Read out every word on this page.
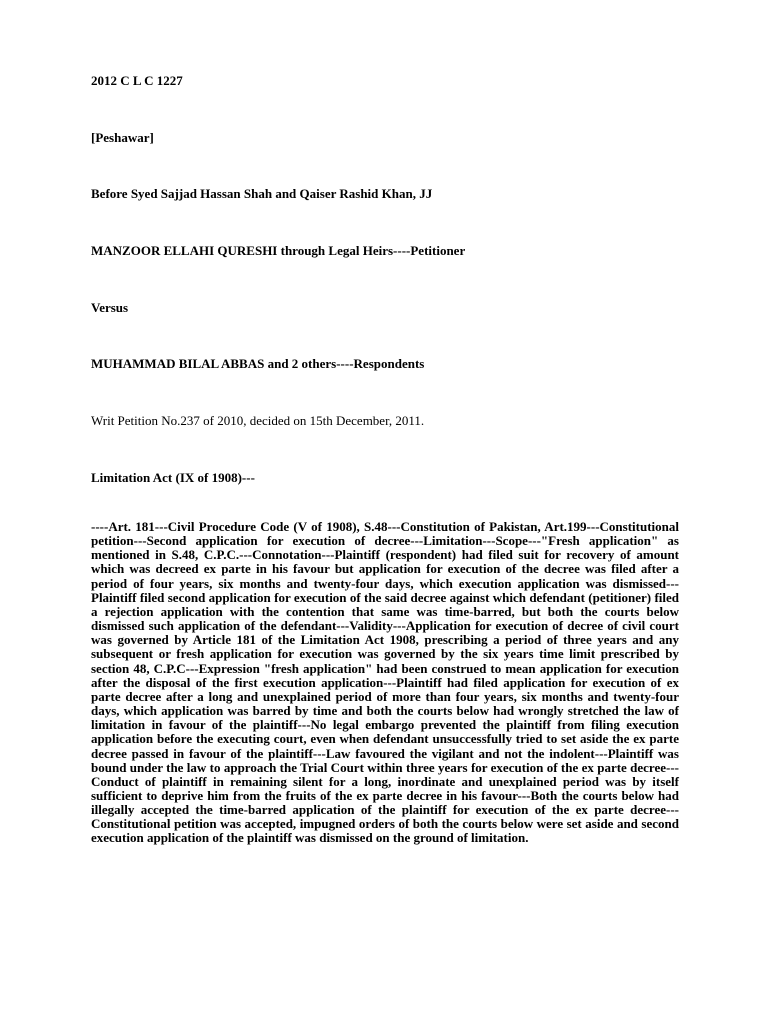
2012 C L C 1227
[Peshawar]
Before Syed Sajjad Hassan Shah and Qaiser Rashid Khan, JJ
MANZOOR ELLAHI QURESHI through Legal Heirs----Petitioner
Versus
MUHAMMAD BILAL ABBAS and 2 others----Respondents
Writ Petition No.237 of 2010, decided on 15th December, 2011.
Limitation Act (IX of 1908)---
----Art. 181---Civil Procedure Code (V of 1908), S.48---Constitution of Pakistan, Art.199---Constitutional petition---Second application for execution of decree---Limitation---Scope---"Fresh application" as mentioned in S.48, C.P.C.---Connotation---Plaintiff (respondent) had filed suit for recovery of amount which was decreed ex parte in his favour but application for execution of the decree was filed after a period of four years, six months and twenty-four days, which execution application was dismissed---Plaintiff filed second application for execution of the said decree against which defendant (petitioner) filed a rejection application with the contention that same was time-barred, but both the courts below dismissed such application of the defendant---Validity---Application for execution of decree of civil court was governed by Article 181 of the Limitation Act 1908, prescribing a period of three years and any subsequent or fresh application for execution was governed by the six years time limit prescribed by section 48, C.P.C---Expression "fresh application" had been construed to mean application for execution after the disposal of the first execution application---Plaintiff had filed application for execution of ex parte decree after a long and unexplained period of more than four years, six months and twenty-four days, which application was barred by time and both the courts below had wrongly stretched the law of limitation in favour of the plaintiff---No legal embargo prevented the plaintiff from filing execution application before the executing court, even when defendant unsuccessfully tried to set aside the ex parte decree passed in favour of the plaintiff---Law favoured the vigilant and not the indolent---Plaintiff was bound under the law to approach the Trial Court within three years for execution of the ex parte decree---Conduct of plaintiff in remaining silent for a long, inordinate and unexplained period was by itself sufficient to deprive him from the fruits of the ex parte decree in his favour---Both the courts below had illegally accepted the time-barred application of the plaintiff for execution of the ex parte decree---Constitutional petition was accepted, impugned orders of both the courts below were set aside and second execution application of the plaintiff was dismissed on the ground of limitation.
